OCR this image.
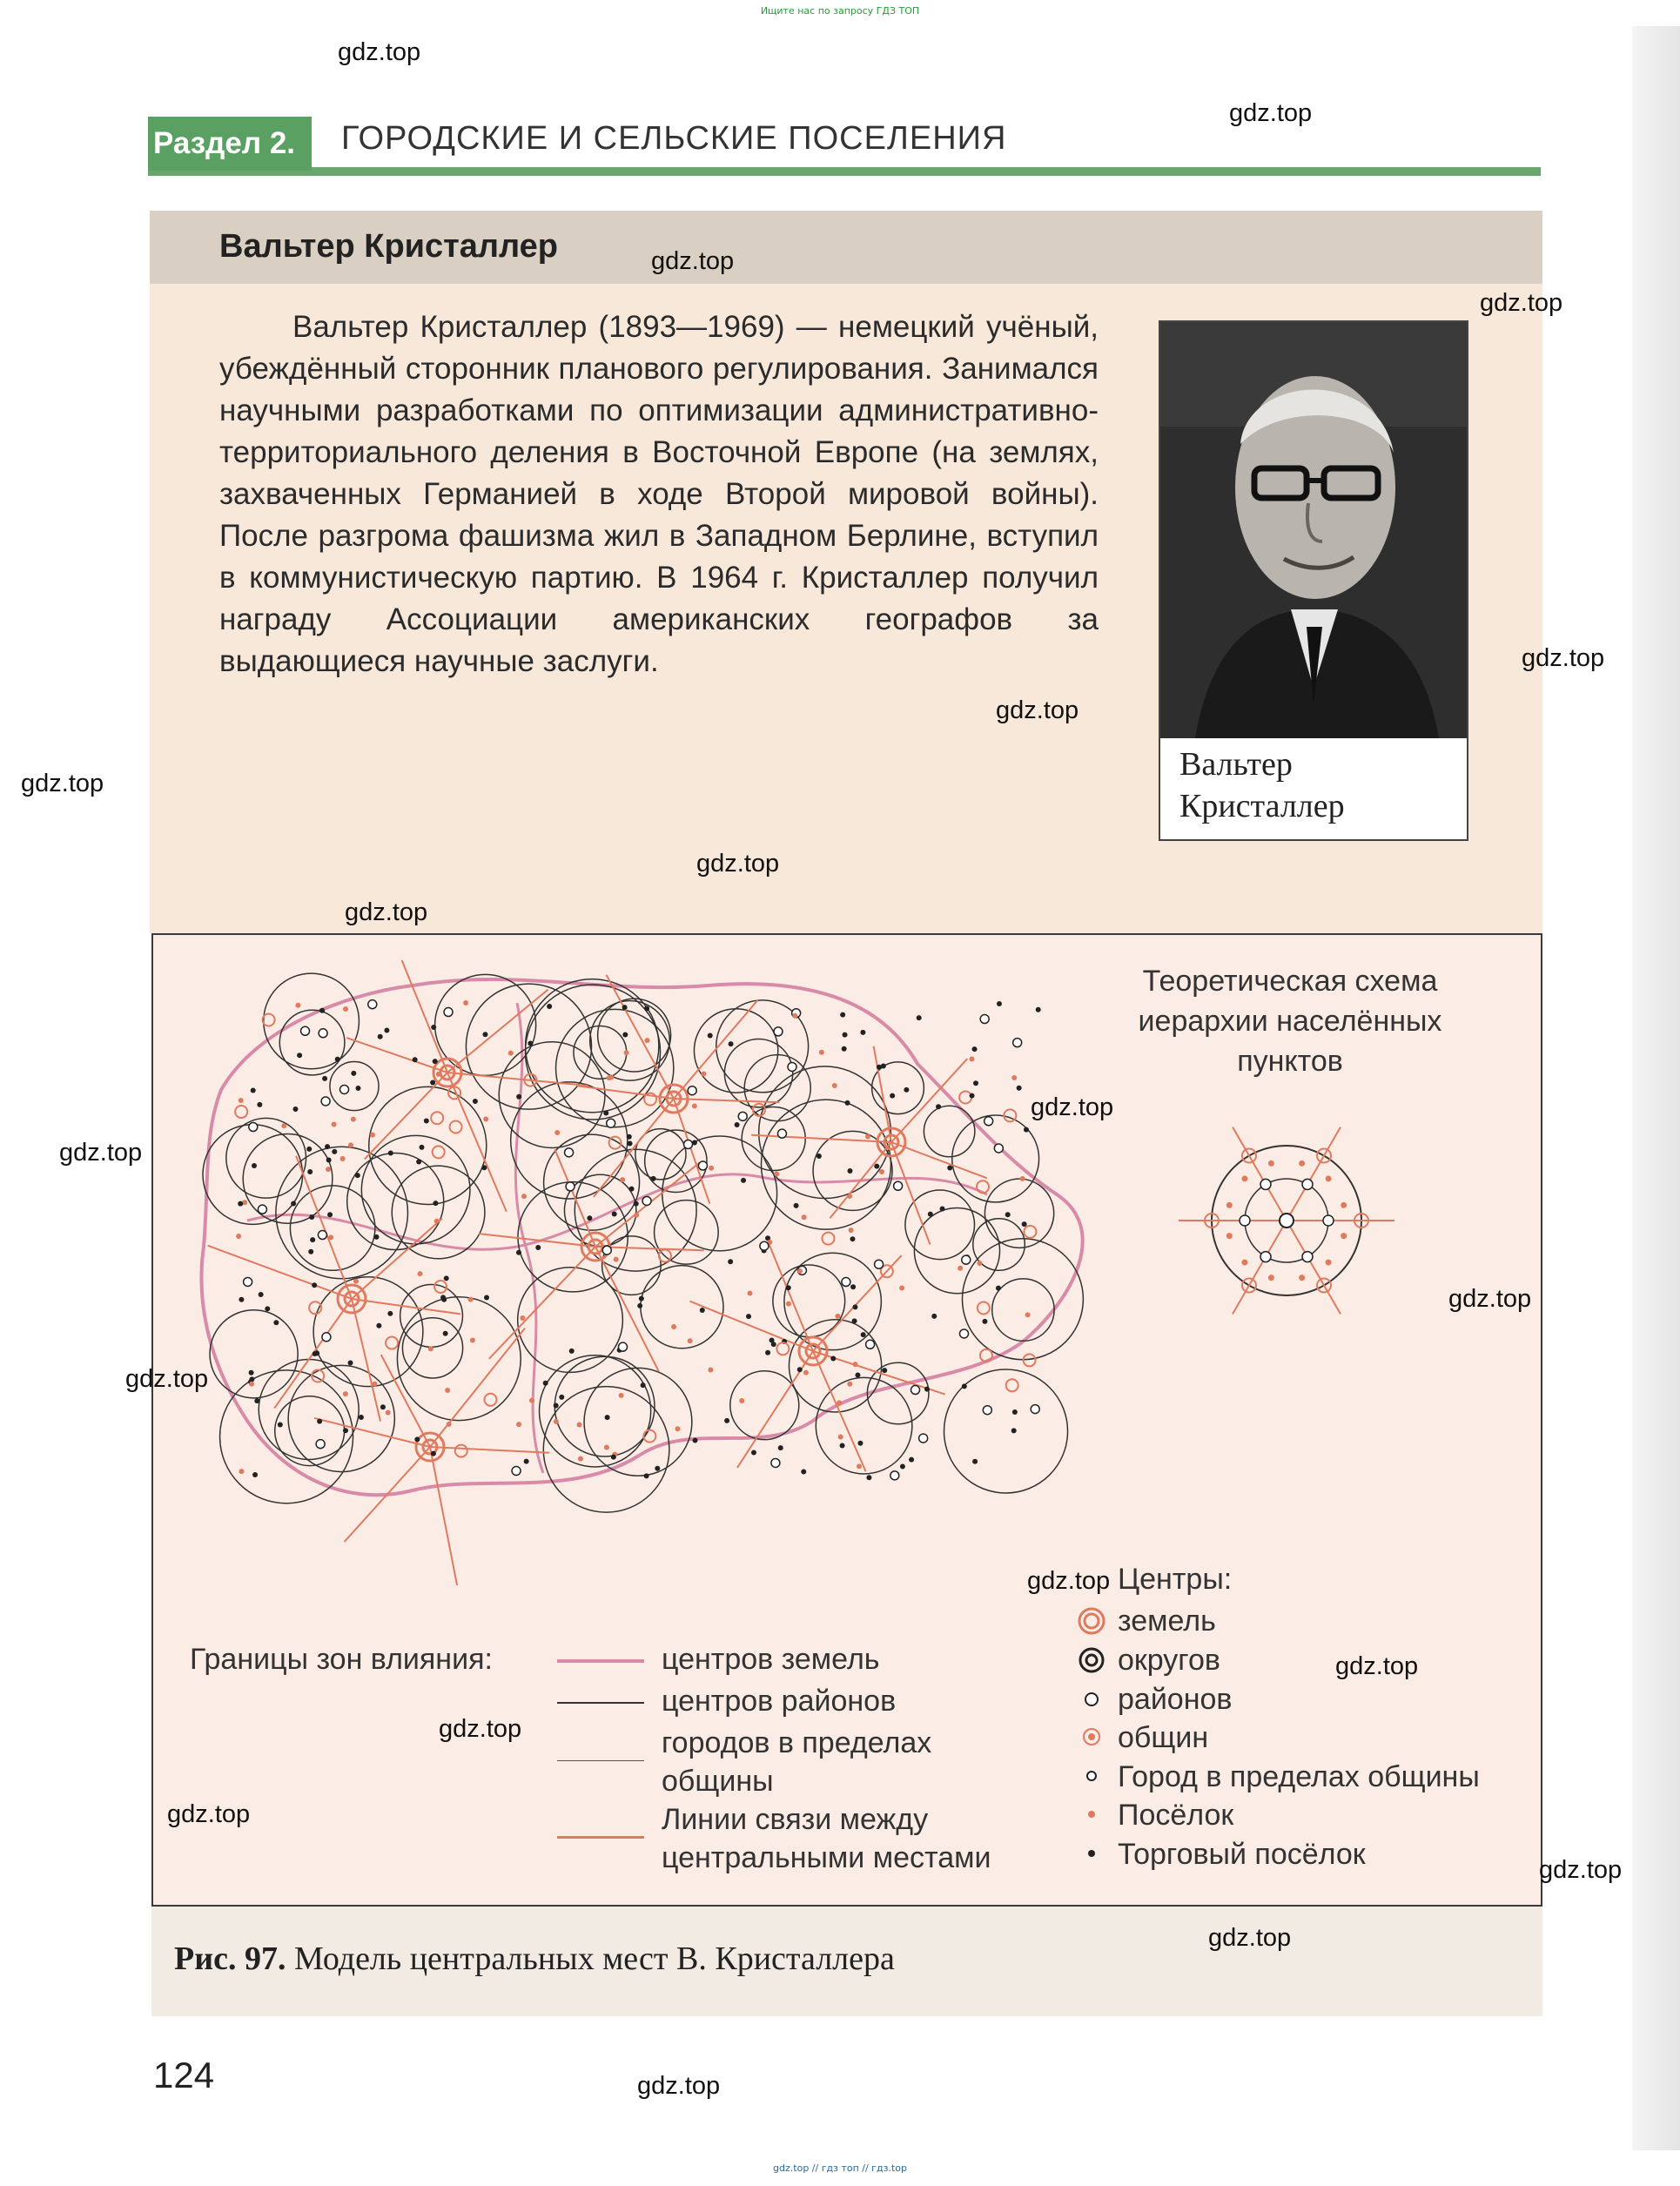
Ищите нас по запросу ГДЗ ТОП
Раздел 2.	ГОРОДСКИЕ И СЕЛЬСКИЕ ПОСЕЛЕНИЯ
Вальтер Кристаллер

Вальтер Кристаллер (1893—1969) — немецкий учёный, убеждённый сторонник планового регулирования. Занимался научными разработками по оптимизации административно-территориального деления в Восточной Европе (на землях, захваченных Германией в ходе Второй мировой войны). После разгрома фашизма жил в Западном Берлине, вступил в коммунистическую партию. В 1964 г. Кристаллер получил награду Ассоциации американских географов за выдающиеся научные заслуги.

Вальтер
Кристаллер
Теоретическая схема
иерархии населённых
пунктов
Границы зон влияния:	центров земель
центров районов
городов в пределах
общины
Линии связи между
центральными местами
Центры:
земель
округов
районов
общин
Город в пределах общины
Посёлок
Торговый посёлок
Рис. 97. Модель центральных мест В. Кристаллера
124
gdz.top
gdz.top
gdz.top
gdz.top
gdz.top
gdz.top
gdz.top
gdz.top
gdz.top
gdz.top
gdz.top
gdz.top
gdz.top
gdz.top
gdz.top
gdz.top
gdz.top
gdz.top
gdz.top
gdz.top
gdz.top // гдз топ // гдз.top
